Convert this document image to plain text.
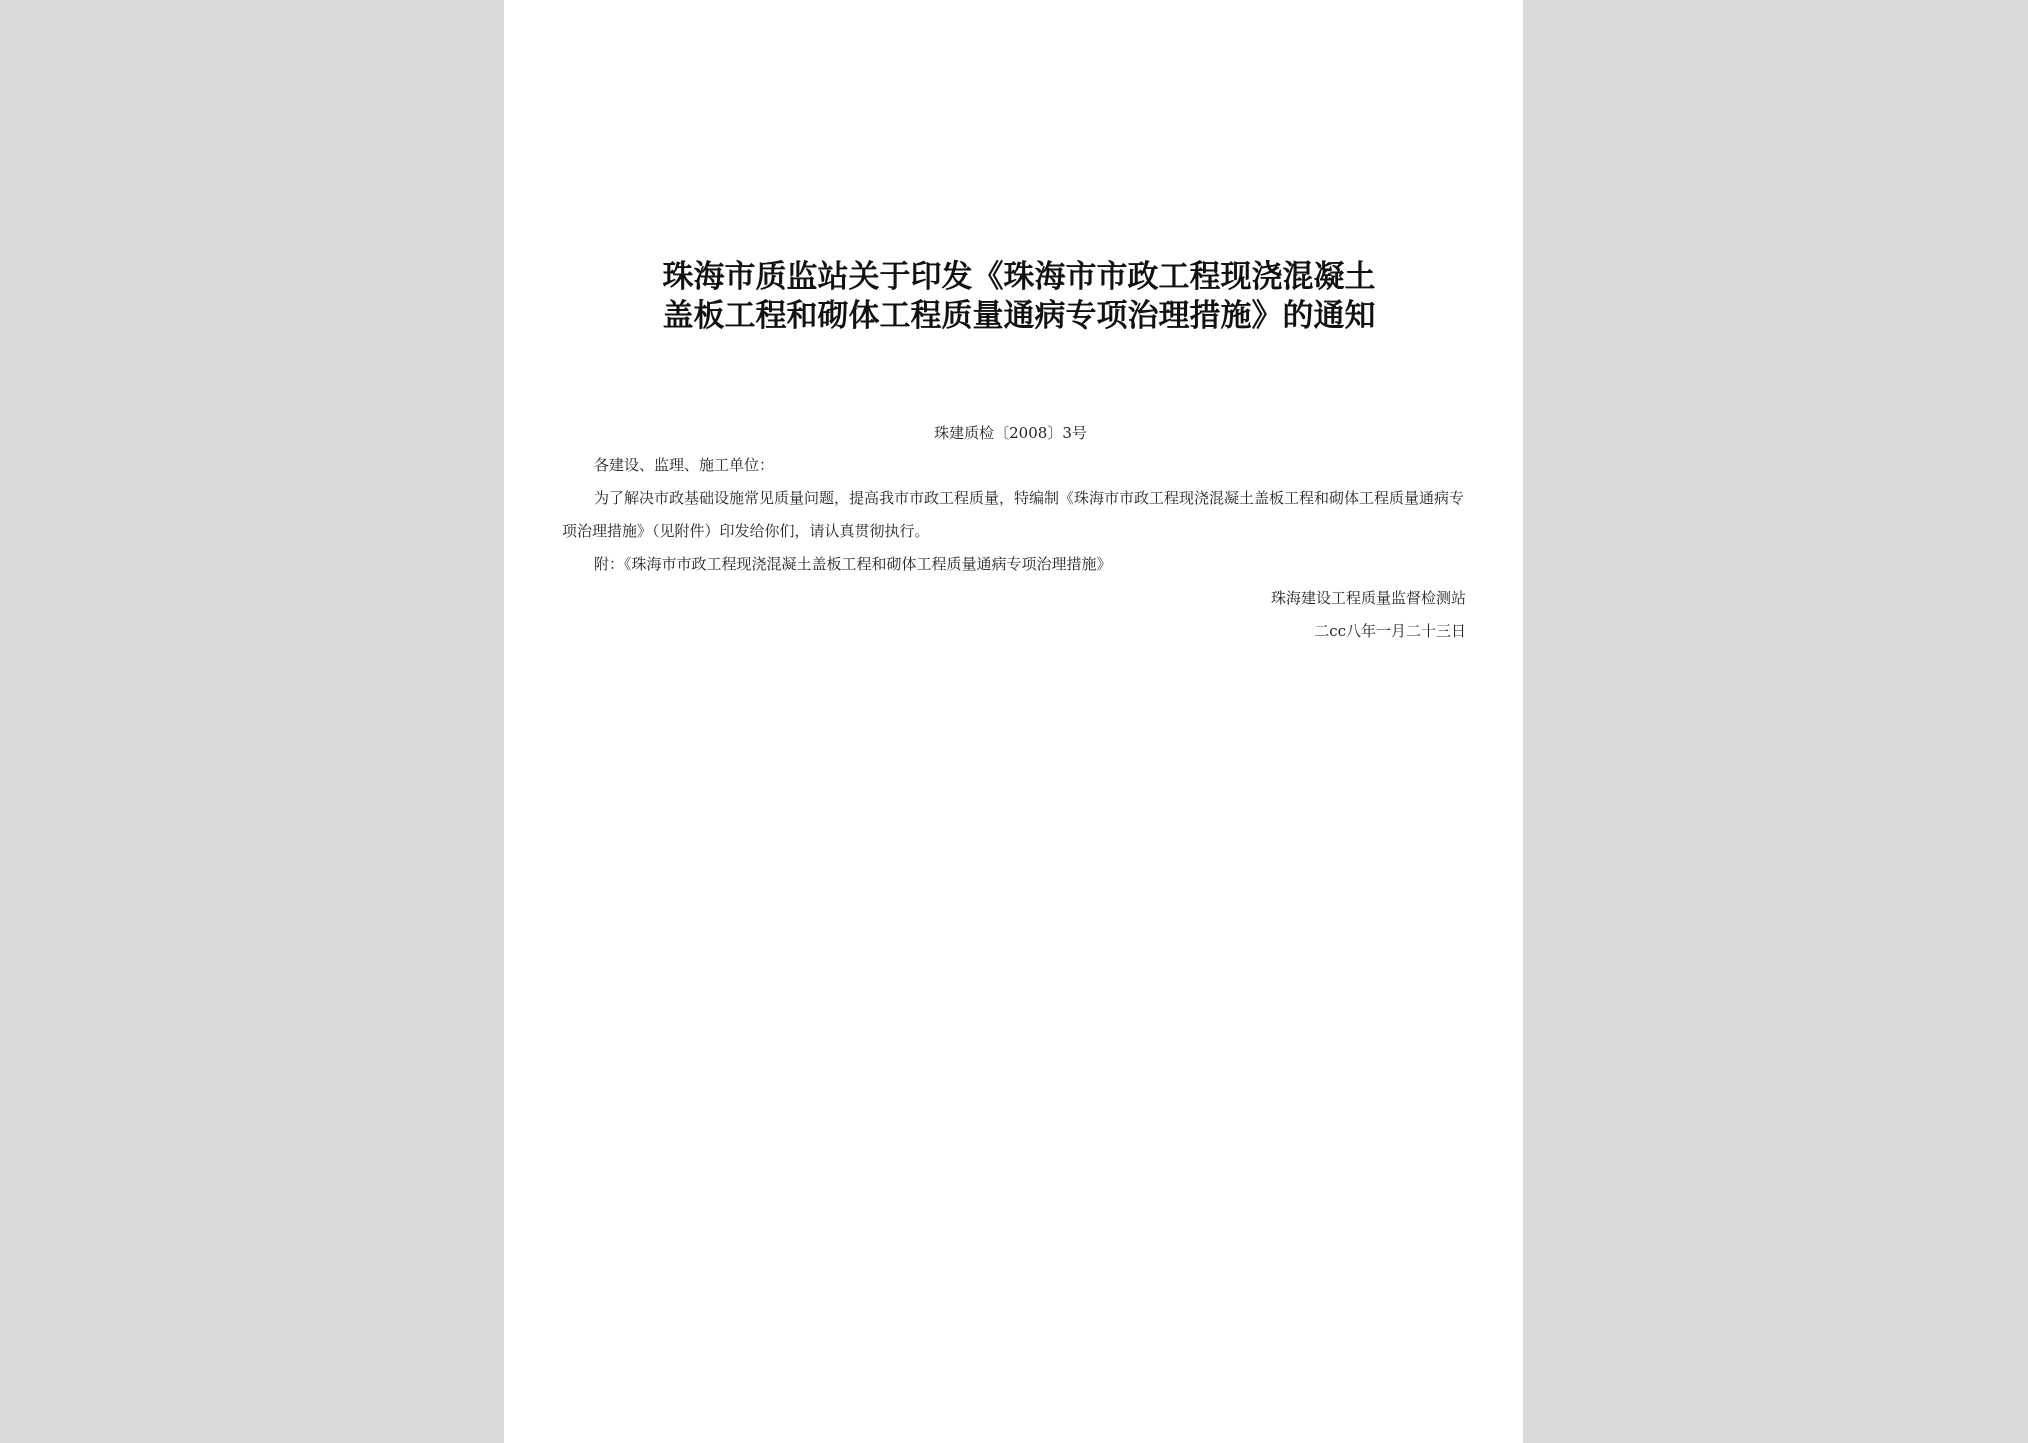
珠海市质监站关于印发《珠海市市政工程现浇混凝土
盖板工程和砌体工程质量通病专项治理措施》的通知
珠建质检〔2008〕3号
各建设、监理、施工单位：
为了解决市政基础设施常见质量问题，提高我市市政工程质量，特编制《珠海市市政工程现浇混凝土盖板工程和砌体工程质量通病专项治理措施》（见附件）印发给你们，请认真贯彻执行。
附：《珠海市市政工程现浇混凝土盖板工程和砌体工程质量通病专项治理措施》
珠海建设工程质量监督检测站
二cc八年一月二十三日
